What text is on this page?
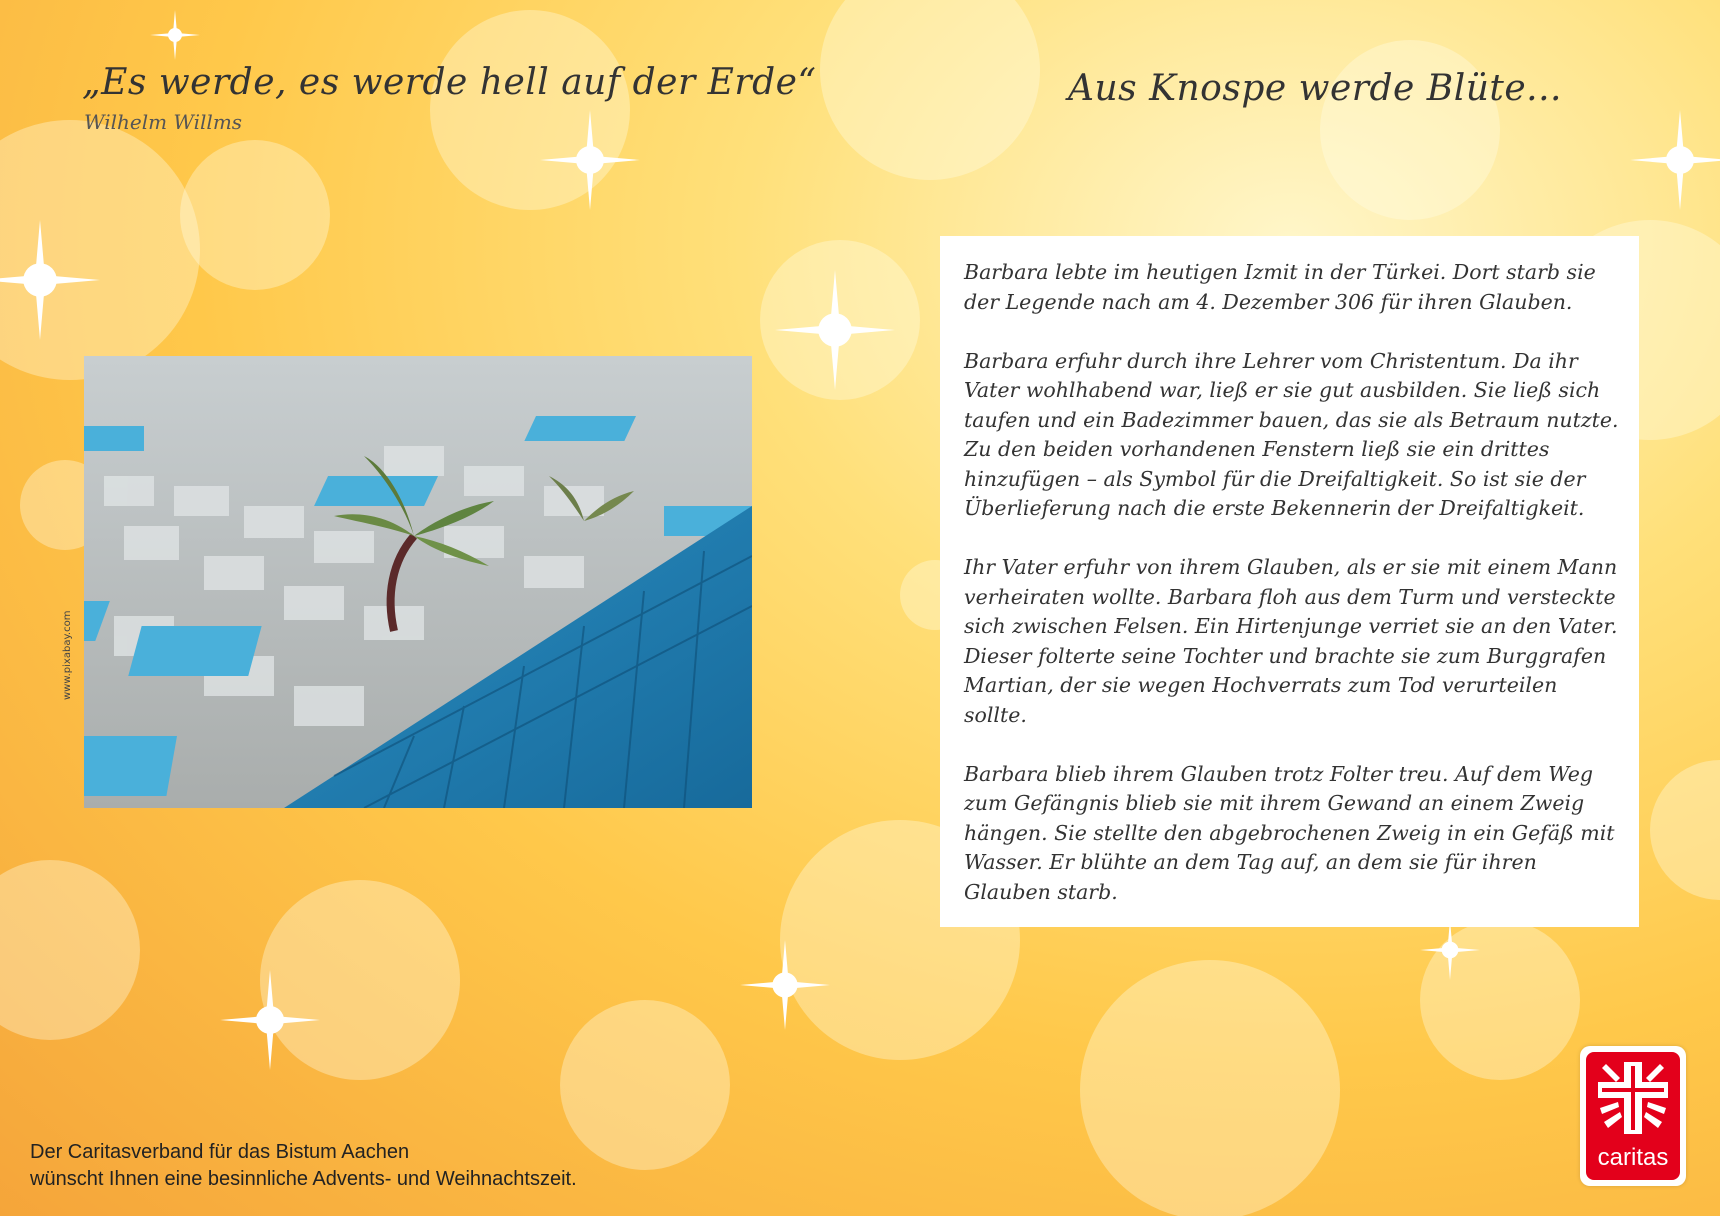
„Es werde, es werde hell auf der Erde“
Wilhelm Willms
Aus Knospe werde Blüte...
www.pixabay.com

Barbara lebte im heutigen Izmit in der Türkei. Dort starb sie der Legende nach am 4. Dezember 306 für ihren Glauben.

Barbara erfuhr durch ihre Lehrer vom Christentum. Da ihr Vater wohlhabend war, ließ er sie gut ausbilden. Sie ließ sich taufen und ein Badezimmer bauen, das sie als Betraum nutzte. Zu den beiden vorhandenen Fenstern ließ sie ein drittes hinzufügen – als Symbol für die Dreifaltigkeit. So ist sie der Überlieferung nach die erste Bekennerin der Dreifaltigkeit.

Ihr Vater erfuhr von ihrem Glauben, als er sie mit einem Mann verheiraten wollte. Barbara floh aus dem Turm und versteckte sich zwischen Felsen. Ein Hirtenjunge verriet sie an den Vater. Dieser folterte seine Tochter und brachte sie zum Burggrafen Martian, der sie wegen Hochverrats zum Tod verurteilen sollte.

Barbara blieb ihrem Glauben trotz Folter treu. Auf dem Weg zum Gefängnis blieb sie mit ihrem Gewand an einem Zweig hängen. Sie stellte den abgebrochenen Zweig in ein Gefäß mit Wasser. Er blühte an dem Tag auf, an dem sie für ihren Glauben starb.

Der Caritasverband für das Bistum Aachen
wünscht Ihnen eine besinnliche Advents- und Weihnachtszeit.
caritas
